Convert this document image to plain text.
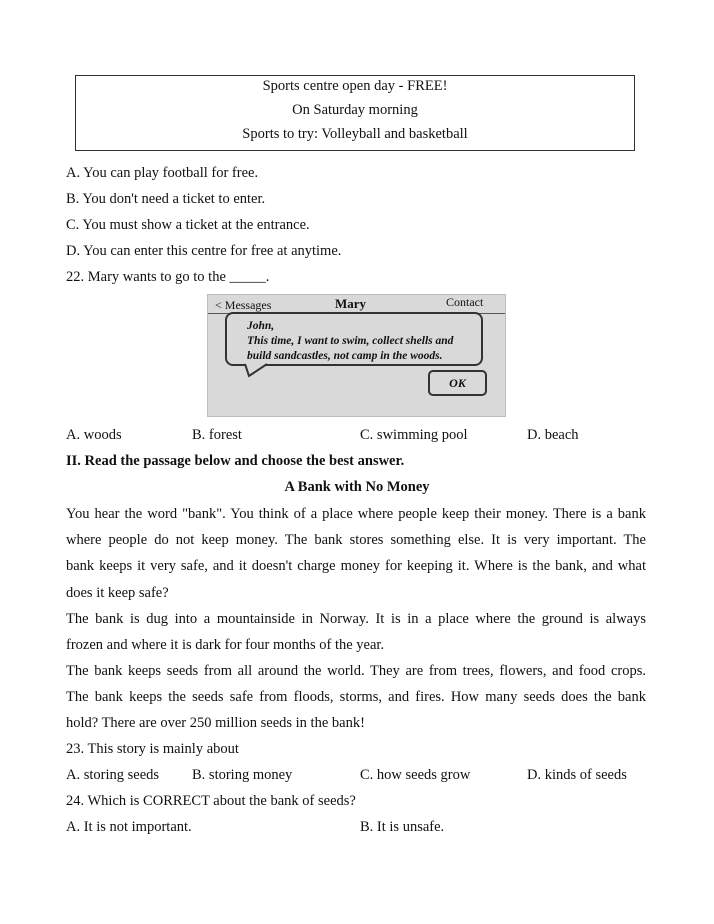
Sports centre open day - FREE!
On Saturday morning
Sports to try: Volleyball and basketball
A. You can play football for free.
B. You don't need a ticket to enter.
C. You must show a ticket at the entrance.
D. You can enter this centre for free at anytime.
22. Mary wants to go to the _____.
< Messages	Mary	Contact
John,
This time, I want to swim, collect shells and
build sandcastles, not camp in the woods.
OK
A. woods	B. forest	C. swimming pool	D. beach
II. Read the passage below and choose the best answer.
A Bank with No Money
You hear the word "bank". You think of a place where people keep their money. There is a bank
where people do not keep money. The bank stores something else. It is very important. The
bank keeps it very safe, and it doesn't charge money for keeping it. Where is the bank, and what
does it keep safe?
The bank is dug into a mountainside in Norway. It is in a place where the ground is always
frozen and where it is dark for four months of the year.
The bank keeps seeds from all around the world. They are from trees, flowers, and food crops.
The bank keeps the seeds safe from floods, storms, and fires. How many seeds does the bank
hold? There are over 250 million seeds in the bank!
23. This story is mainly about
A. storing seeds B. storing money	C. how seeds grow	D. kinds of seeds
24. Which is CORRECT about the bank of seeds?
A. It is not important.	B. It is unsafe.
